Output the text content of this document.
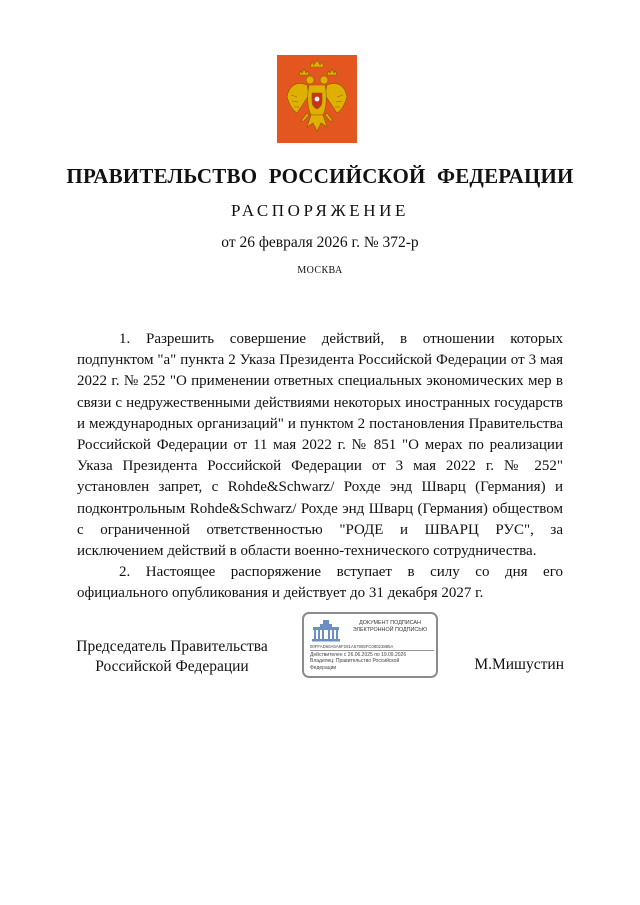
ПРАВИТЕЛЬСТВО РОССИЙСКОЙ ФЕДЕРАЦИИ
РАСПОРЯЖЕНИЕ
от 26 февраля 2026 г. № 372-р
МОСКВА

1. Разрешить совершение действий, в отношении которых подпунктом "а" пункта 2 Указа Президента Российской Федерации от 3 мая 2022 г. № 252 "О применении ответных специальных экономических мер в связи с недружественными действиями некоторых иностранных государств и международных организаций" и пунктом 2 постановления Правительства Российской Федерации от 11 мая 2022 г. № 851 "О мерах по реализации Указа Президента Российской Федерации от 3 мая 2022 г. № 252" установлен запрет, с Rohde&Schwarz/ Рохде энд Шварц (Германия) и подконтрольным Rohde&Schwarz/ Рохде энд Шварц (Германия) обществом с ограниченной ответственностью "РОДЕ и ШВАРЦ РУС", за исключением действий в области военно-технического сотрудничества.

2. Настоящее распоряжение вступает в силу со дня его официального опубликования и действует до 31 декабря 2027 г.

Председатель Правительства
Российской Федерации
ДОКУМЕНТ ПОДПИСАН
ЭЛЕКТРОННОЙ ПОДПИСЬЮ
00FFAD60A5A6F291A57905FC08023885A
Действителен с 26.06.2025 по 19.09.2026
Владелец: Правительство Российской
Федерации	М.Мишустин
